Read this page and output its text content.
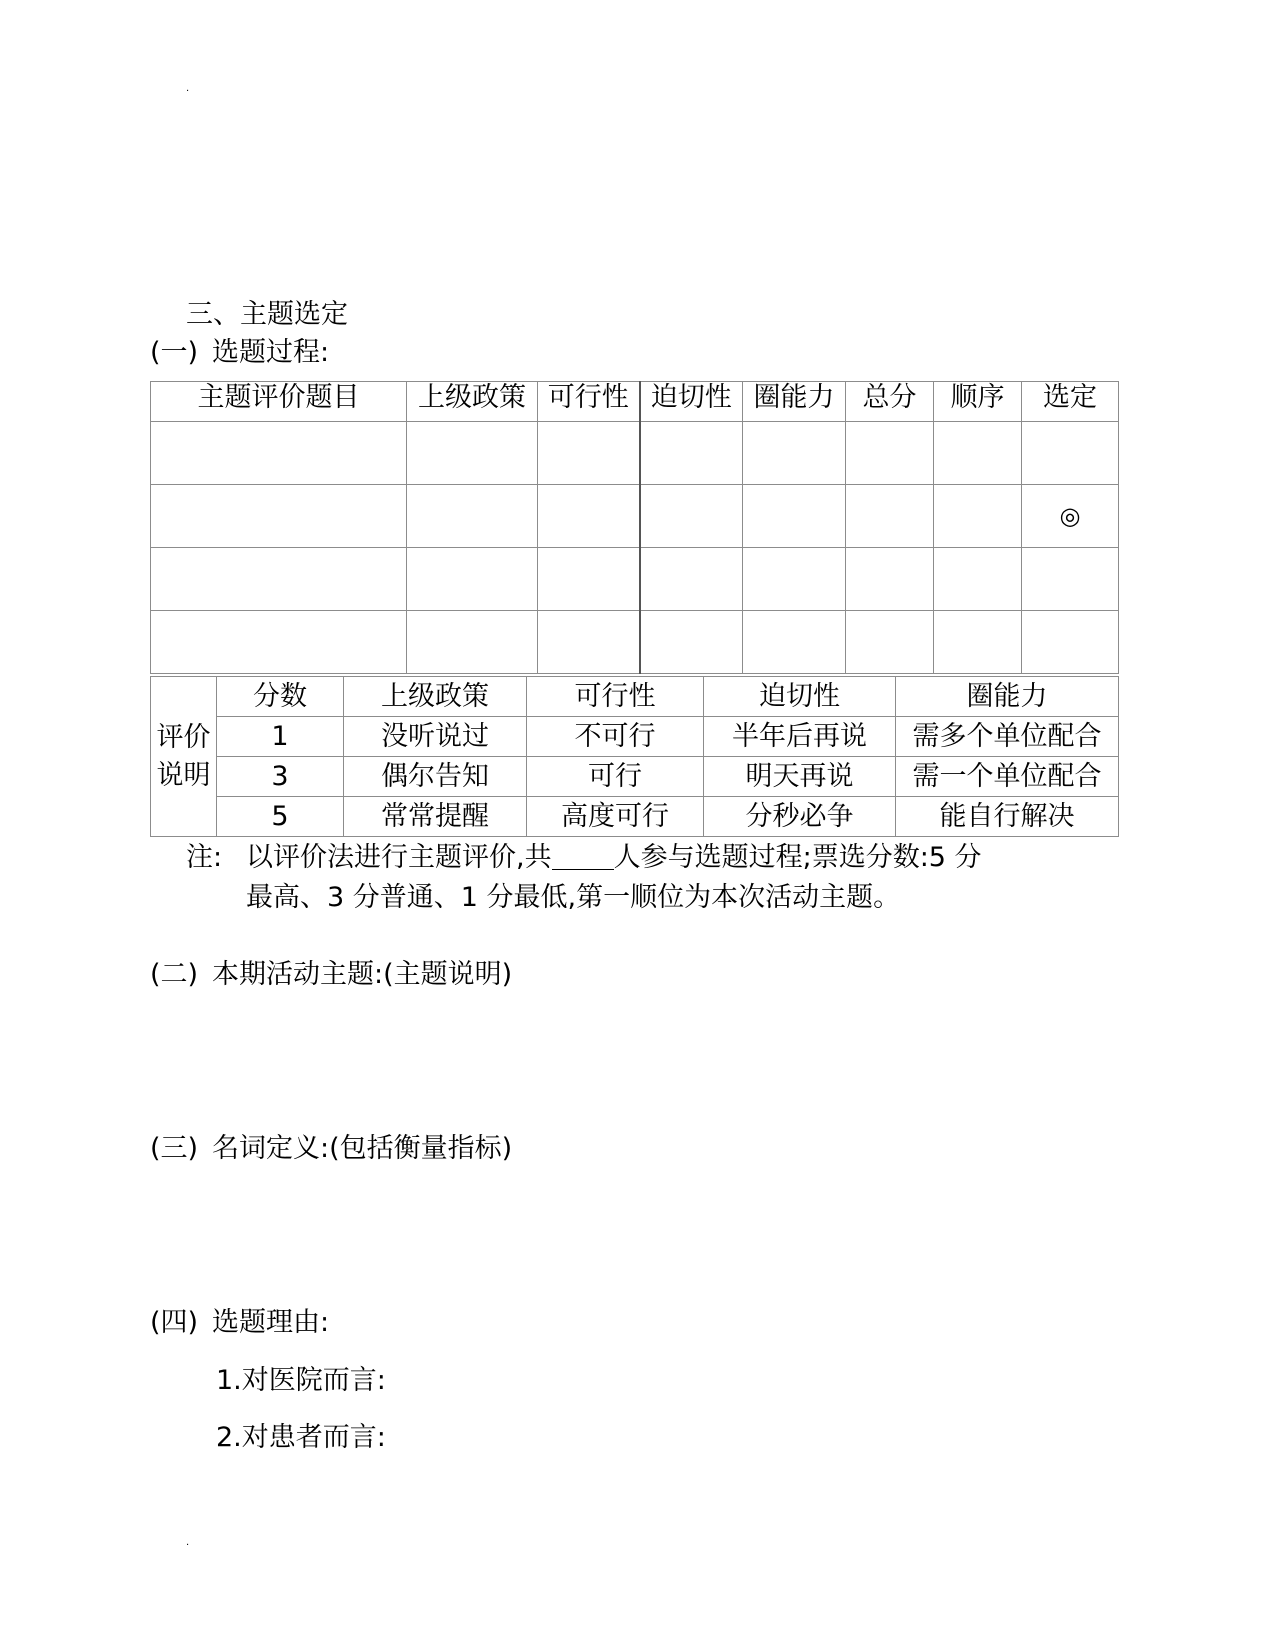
.
三、主题选定
(一) 选题过程:
主题评价题目	上级政策	可行性	迫切性	圈能力	总分	顺序	选定

							◎

评价
说明	分数	上级政策	可行性	迫切性	圈能力
	1	没听说过	不可行	半年后再说	需多个单位配合
	3	偶尔告知	可行	明天再说	需一个单位配合
	5	常常提醒	高度可行	分秒必争	能自行解决
注: 以评价法进行主题评价,共 人参与选题过程;票选分数:5 分
最高、3 分普通、1 分最低,第一顺位为本次活动主题。
(二) 本期活动主题:(主题说明)
(三) 名词定义:(包括衡量指标)
(四) 选题理由:
1.对医院而言:
2.对患者而言:
.
